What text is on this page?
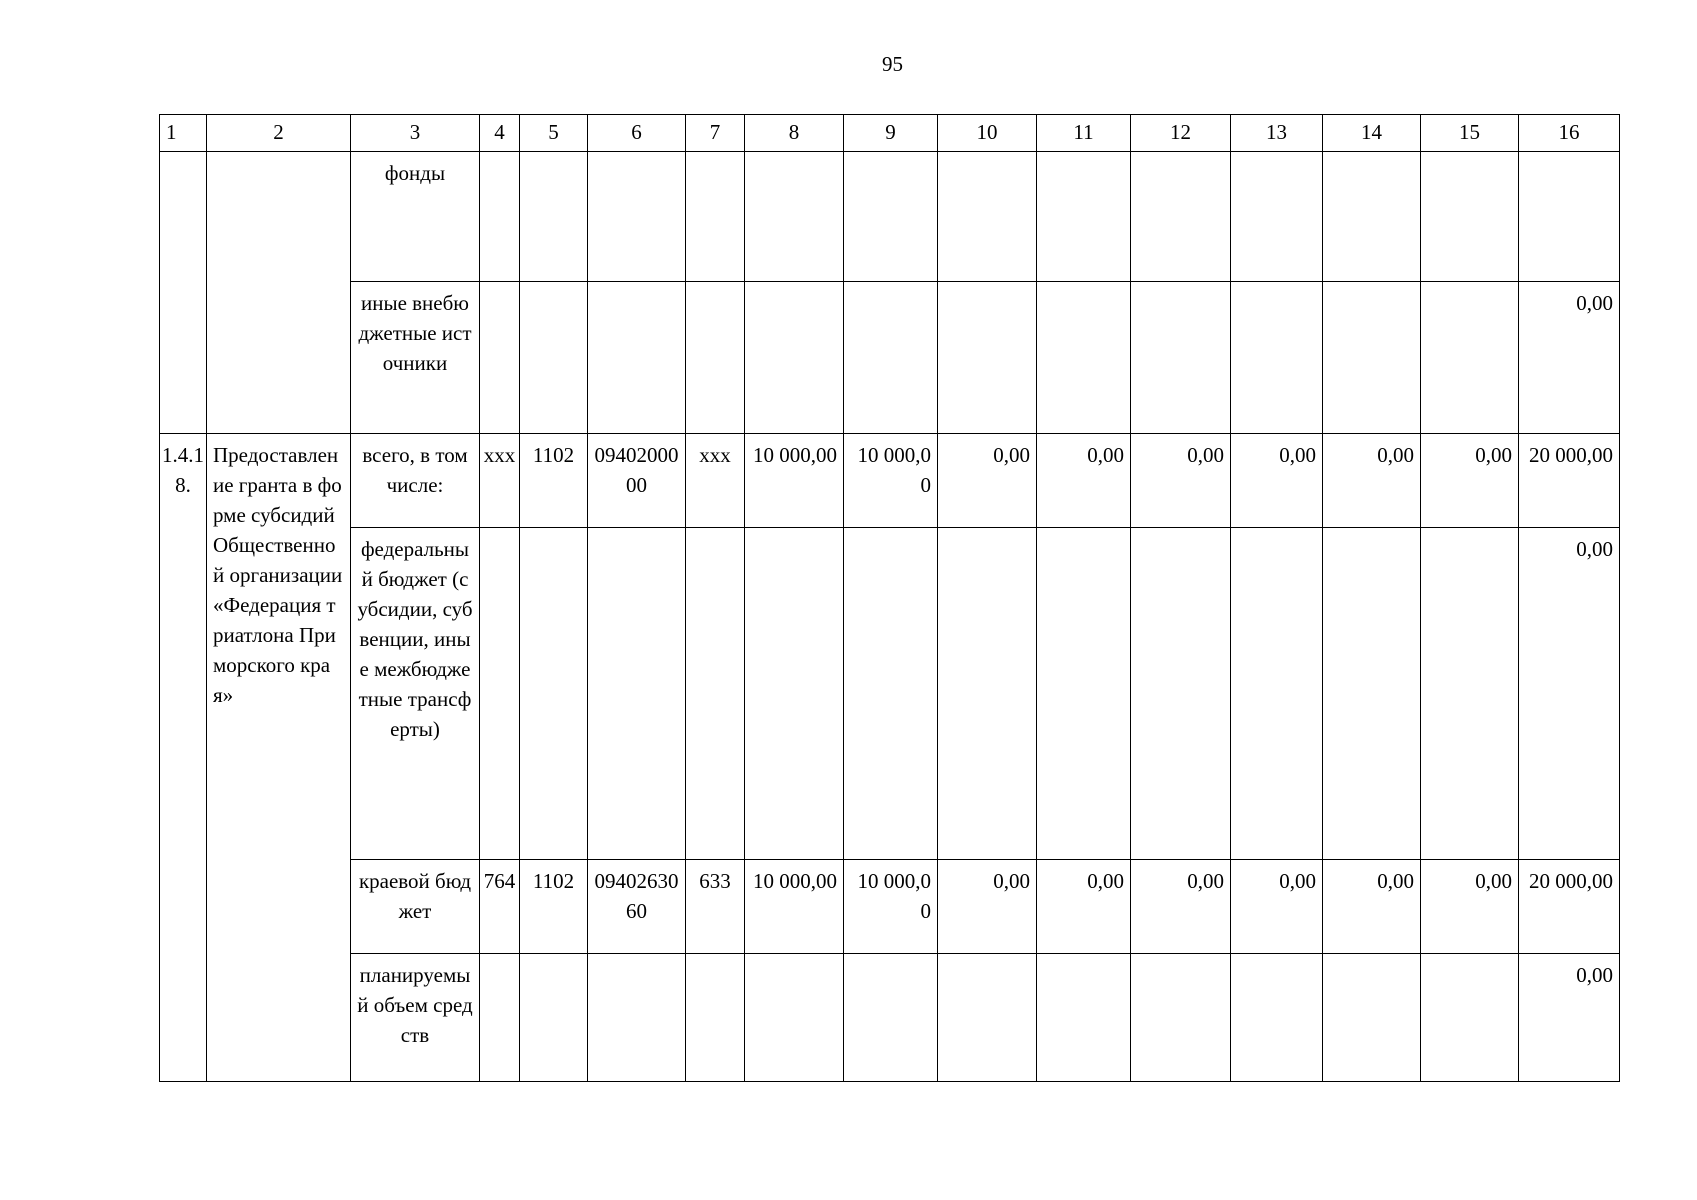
95
1	2	3	4	5	6	7	8	9	10	11	12	13	14	15	16
		фонды													
		иные внебюджетные источники													0,00
1.4.18.	Предоставление гранта в форме субсидий Общественной организации «Федерация триатлона Приморского края»	всего, в том числе:	ххх	1102	0940200000	ххх	10 000,00	10 000,00	0,00	0,00	0,00	0,00	0,00	0,00	20 000,00
		федеральный бюджет (субсидии, субвенции, иные межбюджетные трансферты)													0,00
		краевой бюджет	764	1102	0940263060	633	10 000,00	10 000,00	0,00	0,00	0,00	0,00	0,00	0,00	20 000,00
		планируемый объем средств													0,00
